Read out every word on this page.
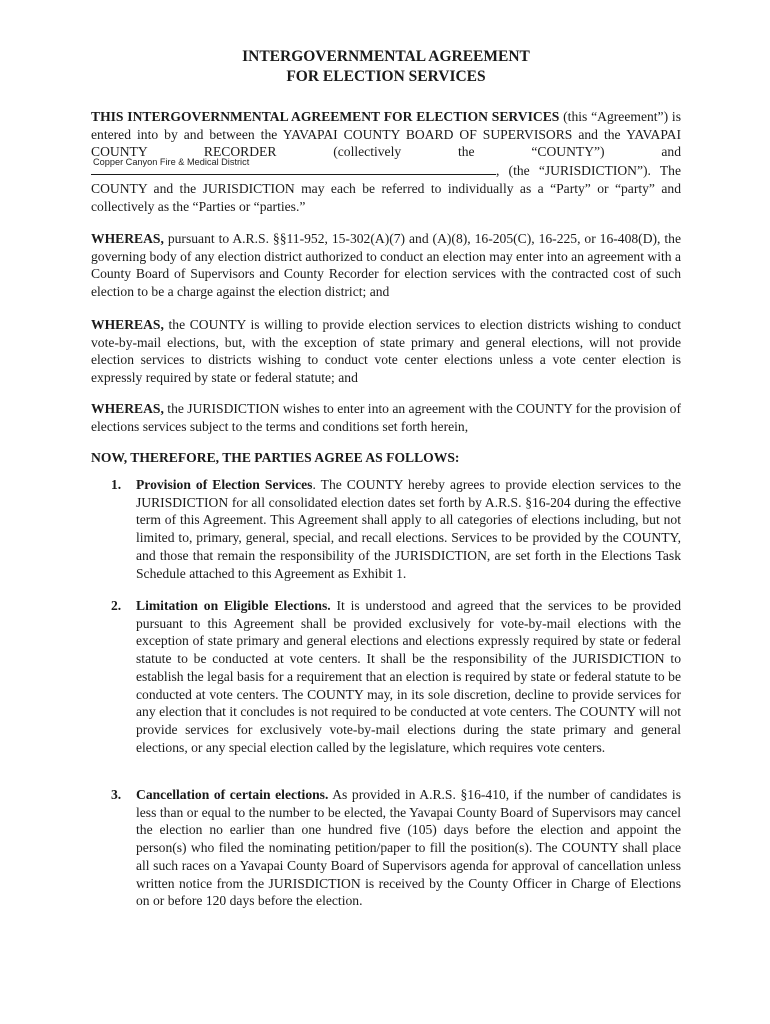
INTERGOVERNMENTAL AGREEMENT
FOR ELECTION SERVICES

THIS INTERGOVERNMENTAL AGREEMENT FOR ELECTION SERVICES (this “Agreement”) is entered into by and between the YAVAPAI COUNTY BOARD OF SUPERVISORS and the YAVAPAI COUNTY RECORDER (collectively the “COUNTY”) and
Copper Canyon Fire & Medical District
, (the “JURISDICTION”). The COUNTY and the JURISDICTION may each be referred to individually as a “Party” or “party” and collectively as the “Parties or “parties.”

WHEREAS, pursuant to A.R.S. §§11-952, 15-302(A)(7) and (A)(8), 16-205(C), 16-225, or 16-408(D), the governing body of any election district authorized to conduct an election may enter into an agreement with a County Board of Supervisors and County Recorder for election services with the contracted cost of such election to be a charge against the election district; and

WHEREAS, the COUNTY is willing to provide election services to election districts wishing to conduct vote-by-mail elections, but, with the exception of state primary and general elections, will not provide election services to districts wishing to conduct vote center elections unless a vote center election is expressly required by state or federal statute; and

WHEREAS, the JURISDICTION wishes to enter into an agreement with the COUNTY for the provision of elections services subject to the terms and conditions set forth herein,

NOW, THEREFORE, THE PARTIES AGREE AS FOLLOWS:
1. Provision of Election Services. The COUNTY hereby agrees to provide election services to the JURISDICTION for all consolidated election dates set forth by A.R.S. §16-204 during the effective term of this Agreement. This Agreement shall apply to all categories of elections including, but not limited to, primary, general, special, and recall elections. Services to be provided by the COUNTY, and those that remain the responsibility of the JURISDICTION, are set forth in the Elections Task Schedule attached to this Agreement as Exhibit 1.
2. Limitation on Eligible Elections. It is understood and agreed that the services to be provided pursuant to this Agreement shall be provided exclusively for vote-by-mail elections with the exception of state primary and general elections and elections expressly required by state or federal statute to be conducted at vote centers. It shall be the responsibility of the JURISDICTION to establish the legal basis for a requirement that an election is required by state or federal statute to be conducted at vote centers. The COUNTY may, in its sole discretion, decline to provide services for any election that it concludes is not required to be conducted at vote centers. The COUNTY will not provide services for exclusively vote-by-mail elections during the state primary and general elections, or any special election called by the legislature, which requires vote centers.
3. Cancellation of certain elections. As provided in A.R.S. §16-410, if the number of candidates is less than or equal to the number to be elected, the Yavapai County Board of Supervisors may cancel the election no earlier than one hundred five (105) days before the election and appoint the person(s) who filed the nominating petition/paper to fill the position(s). The COUNTY shall place all such races on a Yavapai County Board of Supervisors agenda for approval of cancellation unless written notice from the JURISDICTION is received by the County Officer in Charge of Elections on or before 120 days before the election.
